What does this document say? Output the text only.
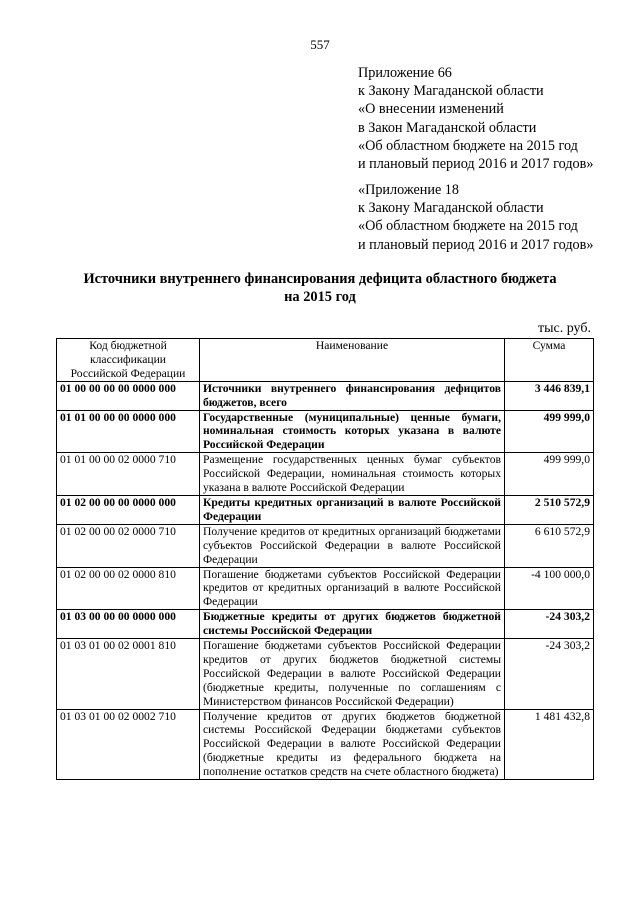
557
Приложение 66
к Закону Магаданской области
«О внесении изменений
в Закон Магаданской области
«Об областном бюджете на 2015 год
и плановый период 2016 и 2017 годов»
«Приложение 18
к Закону Магаданской области
«Об областном бюджете на 2015 год
и плановый период 2016 и 2017 годов»
Источники внутреннего финансирования дефицита областного бюджета
на 2015 год
тыс. руб.
Код бюджетной классификации Российской Федерации	Наименование	Сумма
01 00 00 00 00 0000 000	Источники внутреннего финансирования дефицитов бюджетов, всего	3 446 839,1
01 01 00 00 00 0000 000	Государственные (муниципальные) ценные бумаги, номинальная стоимость которых указана в валюте Российской Федерации	499 999,0
01 01 00 00 02 0000 710	Размещение государственных ценных бумаг субъектов Российской Федерации, номинальная стоимость которых указана в валюте Российской Федерации	499 999,0
01 02 00 00 00 0000 000	Кредиты кредитных организаций в валюте Российской Федерации	2 510 572,9
01 02 00 00 02 0000 710	Получение кредитов от кредитных организаций бюджетами субъектов Российской Федерации в валюте Российской Федерации	6 610 572,9
01 02 00 00 02 0000 810	Погашение бюджетами субъектов Российской Федерации кредитов от кредитных организаций в валюте Российской Федерации	-4 100 000,0
01 03 00 00 00 0000 000	Бюджетные кредиты от других бюджетов бюджетной системы Российской Федерации	-24 303,2
01 03 01 00 02 0001 810	Погашение бюджетами субъектов Российской Федерации кредитов от других бюджетов бюджетной системы Российской Федерации в валюте Российской Федерации (бюджетные кредиты, полученные по соглашениям с Министерством финансов Российской Федерации)	-24 303,2
01 03 01 00 02 0002 710	Получение кредитов от других бюджетов бюджетной системы Российской Федерации бюджетами субъектов Российской Федерации в валюте Российской Федерации (бюджетные кредиты из федерального бюджета на пополнение остатков средств на счете областного бюджета)	1 481 432,8
